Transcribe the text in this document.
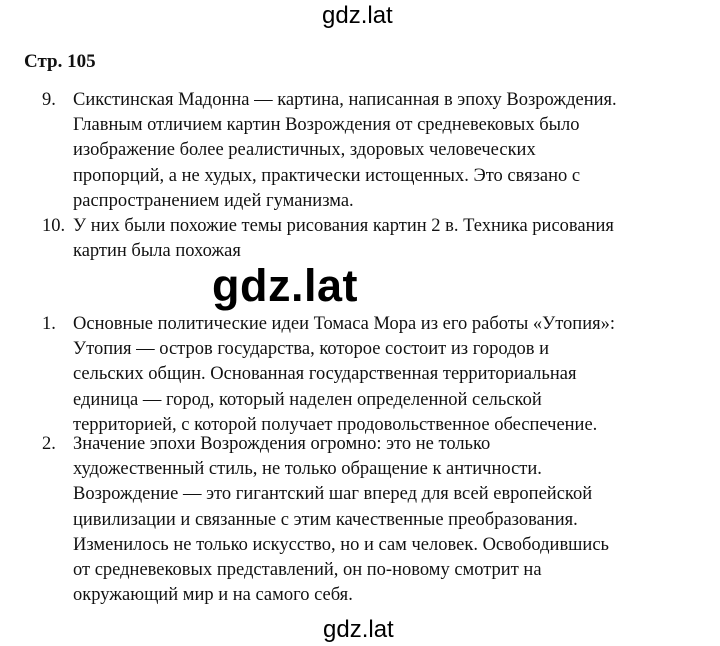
gdz.lat
Стр. 105
9. Сикстинская Мадонна — картина, написанная в эпоху Возрождения.
Главным отличием картин Возрождения от средневековых было
изображение более реалистичных, здоровых человеческих
пропорций, а не худых, практически истощенных. Это связано с
распространением идей гуманизма.
10. У них были похожие темы рисования картин 2 в. Техника рисования
картин была похожая
gdz.lat
1. Основные политические идеи Томаса Мора из его работы «Утопия»:
Утопия — остров государства, которое состоит из городов и
сельских общин. Основанная государственная территориальная
единица — город, который наделен определенной сельской
территорией, с которой получает продовольственное обеспечение.
2. Значение эпохи Возрождения огромно: это не только
художественный стиль, не только обращение к античности.
Возрождение — это гигантский шаг вперед для всей европейской
цивилизации и связанные с этим качественные преобразования.
Изменилось не только искусство, но и сам человек. Освободившись
от средневековых представлений, он по-новому смотрит на
окружающий мир и на самого себя.
gdz.lat
